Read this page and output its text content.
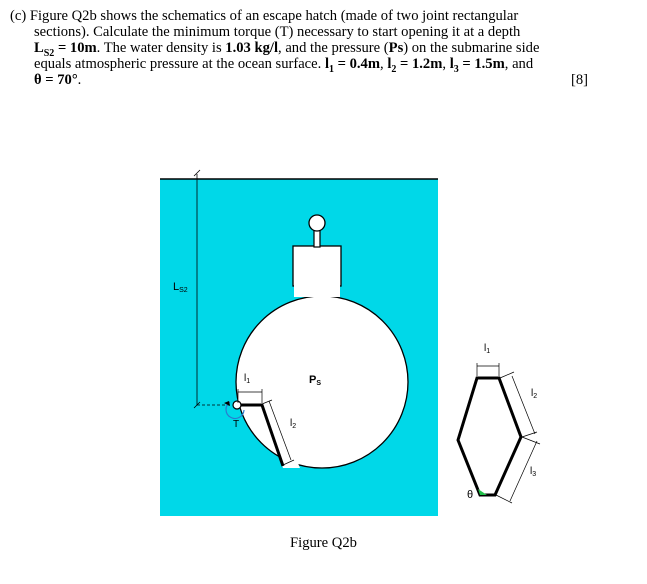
(c) Figure Q2b shows the schematics of an escape hatch (made of two joint rectangular
sections). Calculate the minimum torque (T) necessary to start opening it at a depth
$L_{S2} = 10m$. The water density is 1.03 kg/l, and the pressure (Ps) on the submarine side
equals atmospheric pressure at the ocean surface. $l_1 = 0.4m$, $l_2 = 1.2m$, $l_3 = 1.5m$, and
θ = 70°.	[8]
LS2
T
$l_1$
$l_2$
PS
$l_1$
$l_2$
$l_3$
θ
Figure Q2b
